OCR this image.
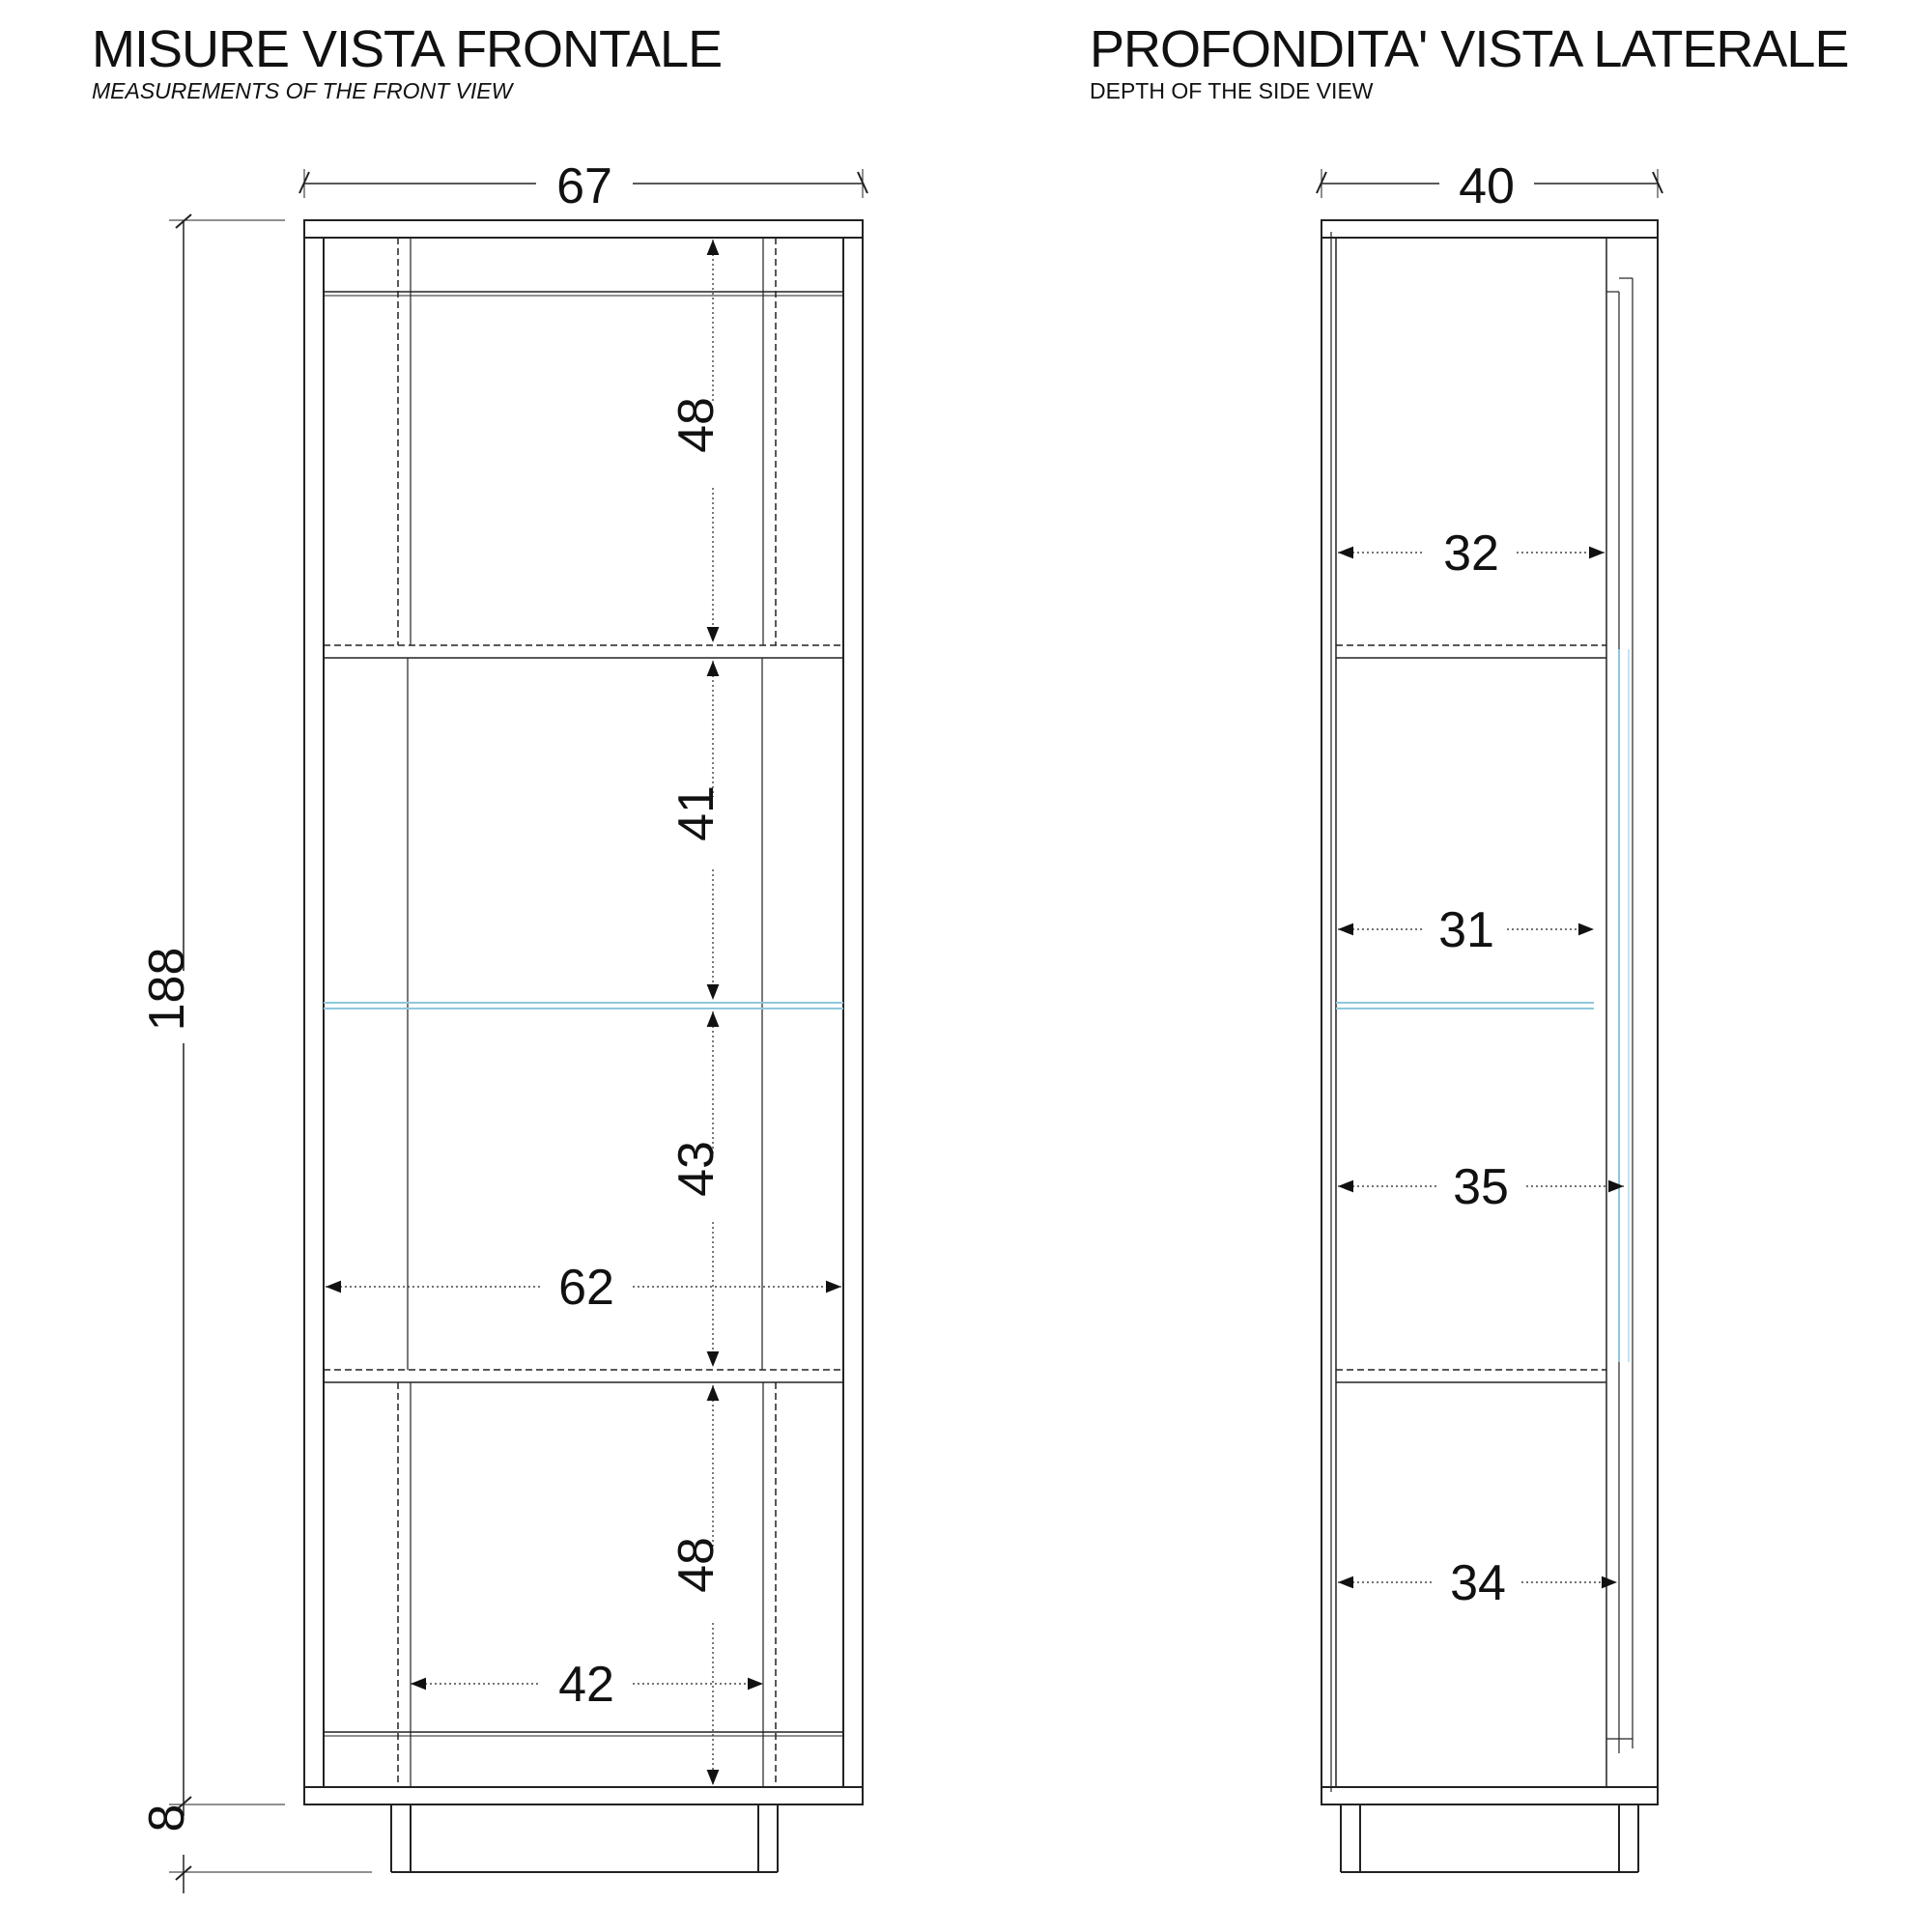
MISURE VISTA FRONTALE
MEASUREMENTS OF THE FRONT VIEW
PROFONDITA' VISTA LATERALE
DEPTH OF THE SIDE VIEW
67
188
8
48
41
43
48
62
42
40
32
31
35
34
